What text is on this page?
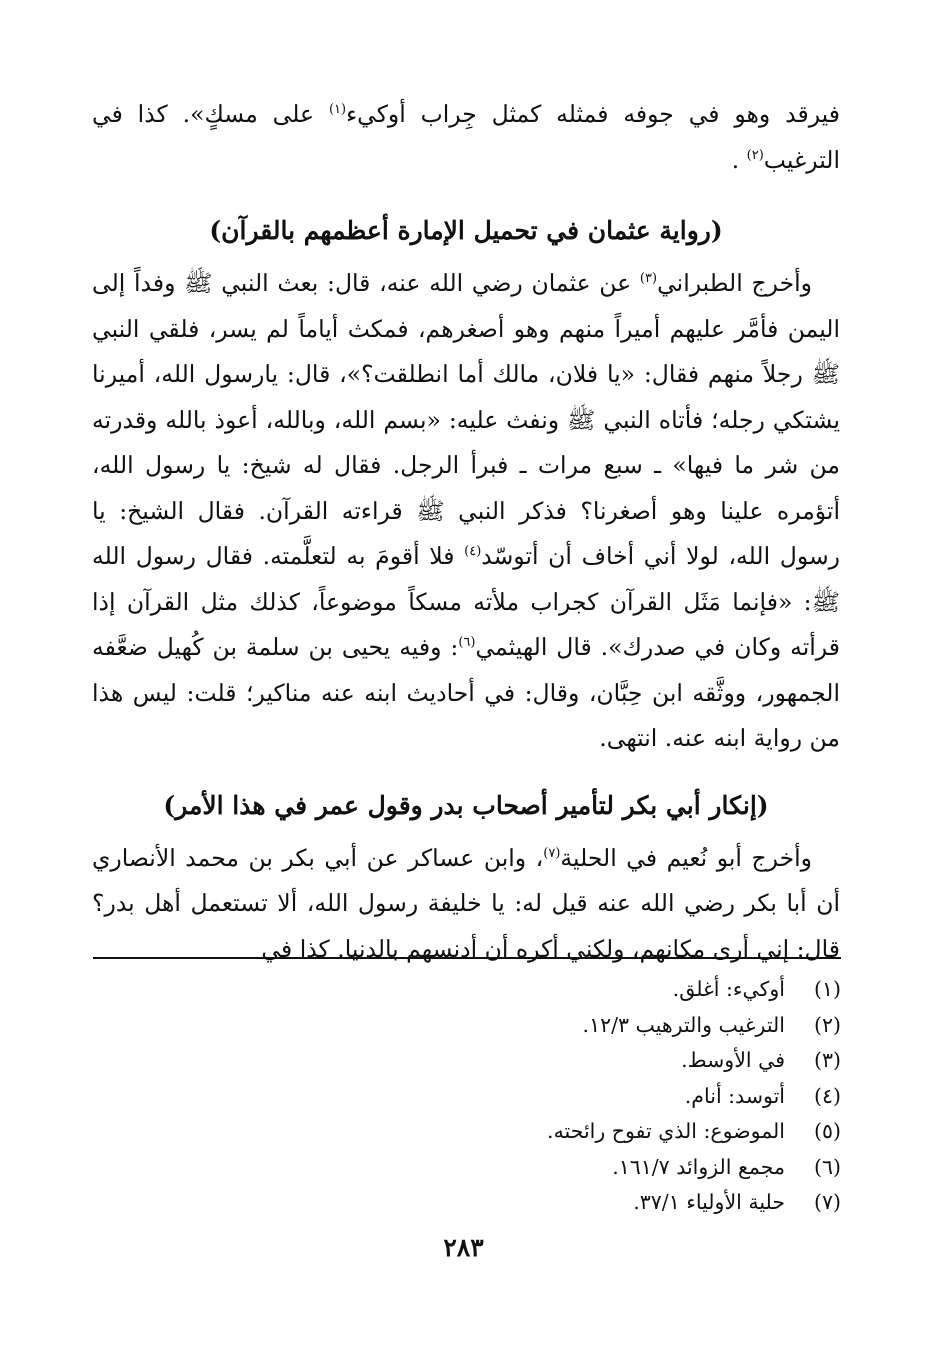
فيرقد وهو في جوفه فمثله كمثل جِراب أوكيء$^{(١)}$ على مسكٍ». كذا في الترغيب$^{(٢)}$ .

(رواية عثمان في تحميل الإمارة أعظمهم بالقرآن)

وأخرج الطبراني$^{(٣)}$ عن عثمان رضي الله عنه، قال: بعث النبي ﷺ وفداً إلى اليمن فأمَّر عليهم أميراً منهم وهو أصغرهم، فمكث أياماً لم يسر، فلقي النبي ﷺ رجلاً منهم فقال: «يا فلان، مالك أما انطلقت؟»، قال: يارسول الله، أميرنا يشتكي رجله؛ فأتاه النبي ﷺ ونفث عليه: «بسم الله، وبالله، أعوذ بالله وقدرته من شر ما فيها» ـ سبع مرات ـ فبرأ الرجل. فقال له شيخ: يا رسول الله، أتؤمره علينا وهو أصغرنا؟ فذكر النبي ﷺ قراءته القرآن. فقال الشيخ: يا رسول الله، لولا أني أخاف أن أتوسّد$^{(٤)}$ فلا أقومَ به لتعلَّمته. فقال رسول الله ﷺ: «فإنما مَثَل القرآن كجراب ملأته مسكاً موضوعاً، كذلك مثل القرآن إذا قرأته وكان في صدرك». قال الهيثمي$^{(٦)}$: وفيه يحيى بن سلمة بن كُهيل ضعَّفه الجمهور، ووثَّقه ابن حِبَّان، وقال: في أحاديث ابنه عنه مناكير؛ قلت: ليس هذا من رواية ابنه عنه. انتهى.

(إنكار أبي بكر لتأمير أصحاب بدر وقول عمر في هذا الأمر)

وأخرج أبو نُعيم في الحلية$^{(٧)}$، وابن عساكر عن أبي بكر بن محمد الأنصاري أن أبا بكر رضي الله عنه قيل له: يا خليفة رسول الله، ألا تستعمل أهل بدر؟ قال: إني أرى مكانهم، ولكني أكره أن أدنسهم بالدنيا. كذا في

(١)
أوكيء: أغلق.
(٢)
الترغيب والترهيب ١٢/٣.
(٣)
في الأوسط.
(٤)
أتوسد: أنام.
(٥)
الموضوع: الذي تفوح رائحته.
(٦)
مجمع الزوائد ١٦١/٧.
(٧)
حلية الأولياء ٣٧/١.
٢٨٣
